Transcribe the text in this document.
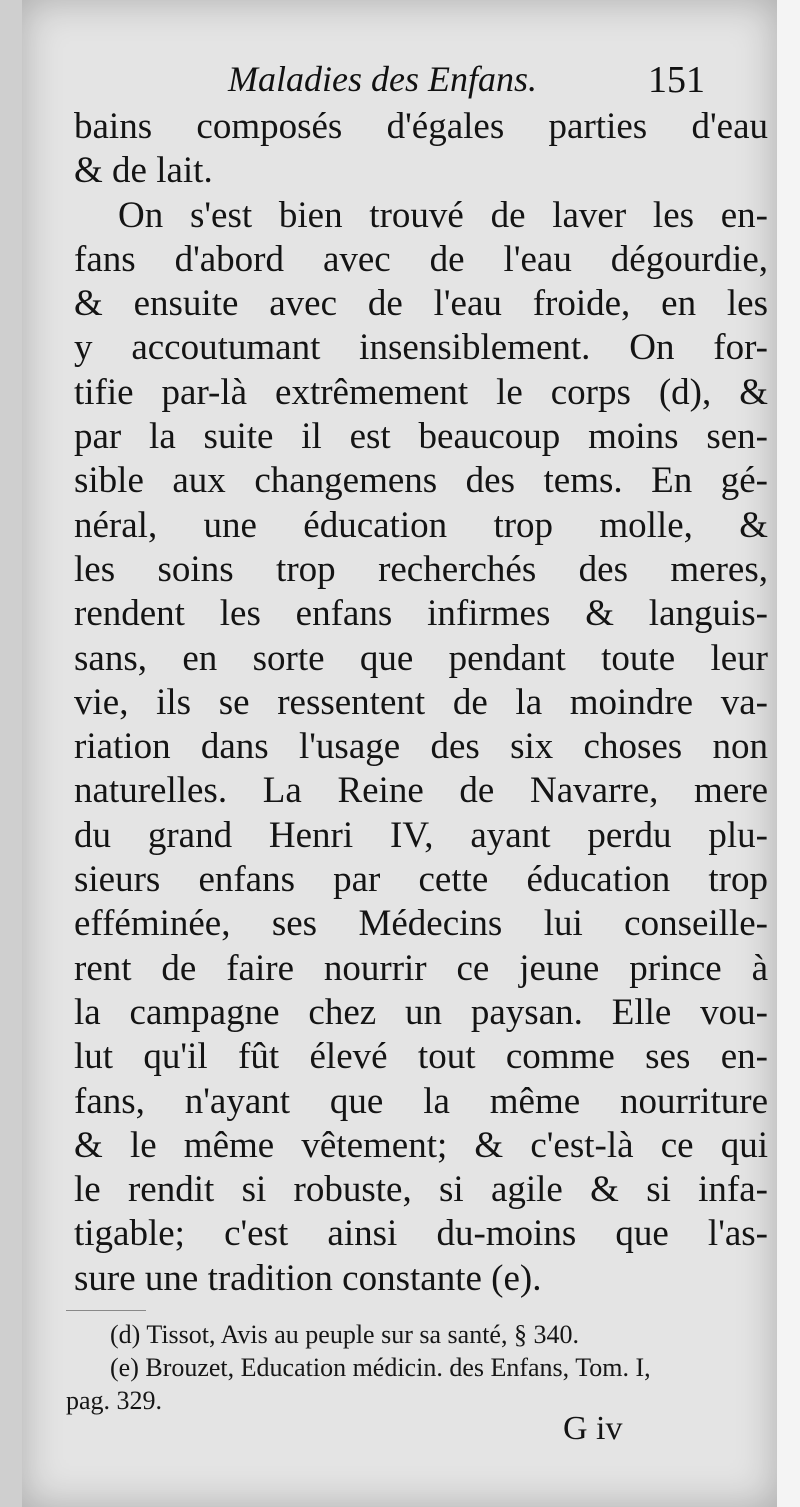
Maladies des Enfans.	151
bains composés d'égales parties d'eau
& de lait.
On s'est bien trouvé de laver les en-
fans d'abord avec de l'eau dégourdie,
& ensuite avec de l'eau froide, en les
y accoutumant insensiblement. On for-
tifie par-là extrêmement le corps (d), &
par la suite il est beaucoup moins sen-
sible aux changemens des tems. En gé-
néral, une éducation trop molle, &
les soins trop recherchés des meres,
rendent les enfans infirmes & languis-
sans, en sorte que pendant toute leur
vie, ils se ressentent de la moindre va-
riation dans l'usage des six choses non
naturelles. La Reine de Navarre, mere
du grand Henri IV, ayant perdu plu-
sieurs enfans par cette éducation trop
efféminée, ses Médecins lui conseille-
rent de faire nourrir ce jeune prince à
la campagne chez un paysan. Elle vou-
lut qu'il fût élevé tout comme ses en-
fans, n'ayant que la même nourriture
& le même vêtement; & c'est-là ce qui
le rendit si robuste, si agile & si infa-
tigable; c'est ainsi du-moins que l'as-
sure une tradition constante (e).
(d) Tissot, Avis au peuple sur sa santé, § 340.
(e) Brouzet, Education médicin. des Enfans, Tom. I,
pag. 329.
G iv
